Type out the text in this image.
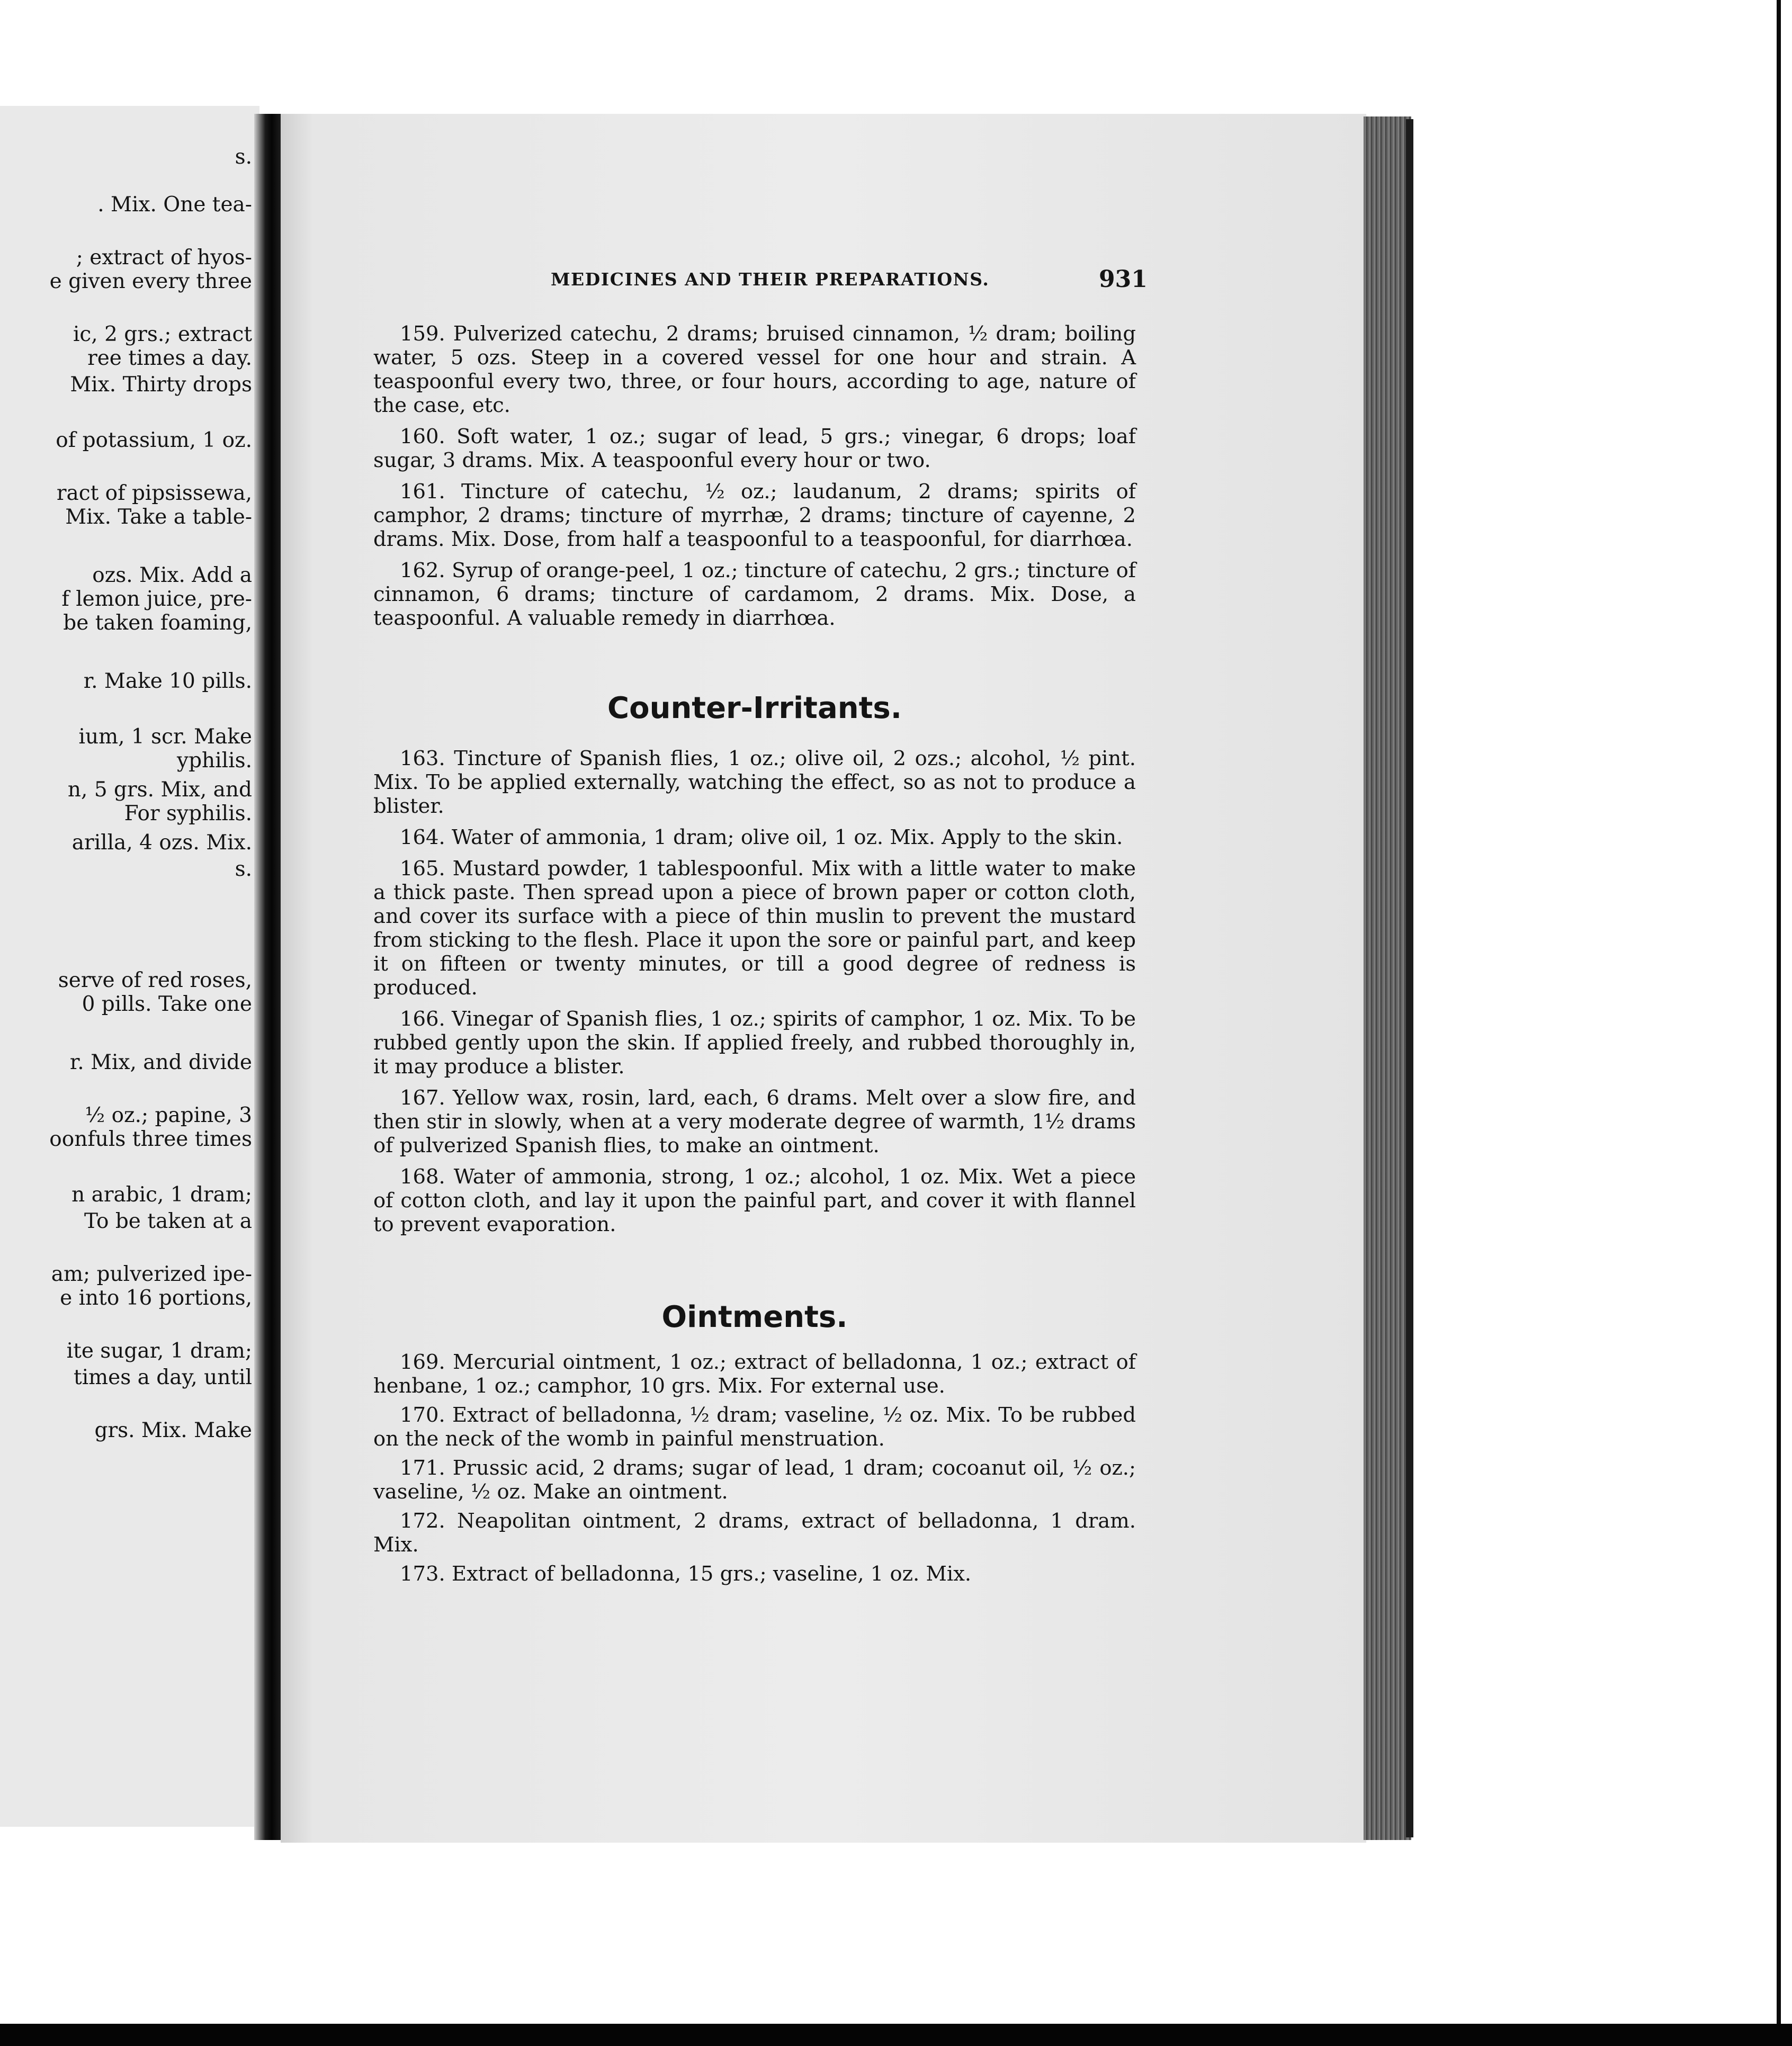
s.
. Mix. One tea-
; extract of hyos-
e given every three
ic, 2 grs.; extract
ree times a day.
Mix. Thirty drops
of potassium, 1 oz.
ract of pipsissewa,
Mix. Take a table-
ozs. Mix. Add a
f lemon juice, pre-
be taken foaming,
r. Make 10 pills.
ium, 1 scr. Make
yphilis.
n, 5 grs. Mix, and
For syphilis.
arilla, 4 ozs. Mix.
s.
serve of red roses,
0 pills. Take one
r. Mix, and divide
½ oz.; papine, 3
oonfuls three times
n arabic, 1 dram;
To be taken at a
am; pulverized ipe-
e into 16 portions,
ite sugar, 1 dram;
times a day, until
grs. Mix. Make
MEDICINES AND THEIR PREPARATIONS.	931

159. Pulverized catechu, 2 drams; bruised cinnamon, ½ dram; boiling water, 5 ozs. Steep in a covered vessel for one hour and strain. A teaspoonful every two, three, or four hours, according to age, nature of the case, etc.

160. Soft water, 1 oz.; sugar of lead, 5 grs.; vinegar, 6 drops; loaf sugar, 3 drams. Mix. A teaspoonful every hour or two.

161. Tincture of catechu, ½ oz.; laudanum, 2 drams; spirits of camphor, 2 drams; tincture of myrrhæ, 2 drams; tincture of cayenne, 2 drams. Mix. Dose, from half a teaspoonful to a teaspoonful, for diarrhœa.

162. Syrup of orange-peel, 1 oz.; tincture of catechu, 2 grs.; tincture of cinnamon, 6 drams; tincture of cardamom, 2 drams. Mix. Dose, a teaspoonful. A valuable remedy in diarrhœa.

Counter-Irritants.

163. Tincture of Spanish flies, 1 oz.; olive oil, 2 ozs.; alcohol, ½ pint. Mix. To be applied externally, watching the effect, so as not to produce a blister.

164. Water of ammonia, 1 dram; olive oil, 1 oz. Mix. Apply to the skin.

165. Mustard powder, 1 tablespoonful. Mix with a little water to make a thick paste. Then spread upon a piece of brown paper or cotton cloth, and cover its surface with a piece of thin muslin to prevent the mustard from sticking to the flesh. Place it upon the sore or painful part, and keep it on fifteen or twenty minutes, or till a good degree of redness is produced.

166. Vinegar of Spanish flies, 1 oz.; spirits of camphor, 1 oz. Mix. To be rubbed gently upon the skin. If applied freely, and rubbed thoroughly in, it may produce a blister.

167. Yellow wax, rosin, lard, each, 6 drams. Melt over a slow fire, and then stir in slowly, when at a very moderate degree of warmth, 1½ drams of pulverized Spanish flies, to make an ointment.

168. Water of ammonia, strong, 1 oz.; alcohol, 1 oz. Mix. Wet a piece of cotton cloth, and lay it upon the painful part, and cover it with flannel to prevent evaporation.

Ointments.

169. Mercurial ointment, 1 oz.; extract of belladonna, 1 oz.; extract of henbane, 1 oz.; camphor, 10 grs. Mix. For external use.

170. Extract of belladonna, ½ dram; vaseline, ½ oz. Mix. To be rubbed on the neck of the womb in painful menstruation.

171. Prussic acid, 2 drams; sugar of lead, 1 dram; cocoanut oil, ½ oz.; vaseline, ½ oz. Make an ointment.

172. Neapolitan ointment, 2 drams, extract of belladonna, 1 dram. Mix.

173. Extract of belladonna, 15 grs.; vaseline, 1 oz. Mix.
